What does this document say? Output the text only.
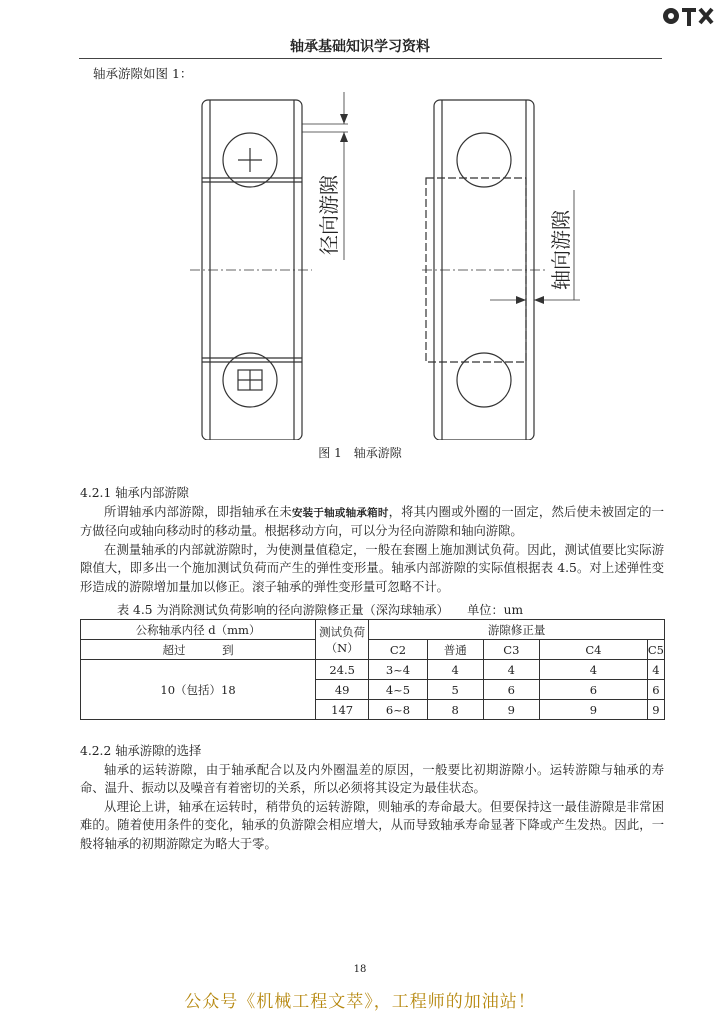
轴承基础知识学习资料
轴承游隙如图 1：
径向游隙	轴向游隙
图 1　轴承游隙

4.2.1 轴承内部游隙

所谓轴承内部游隙，即指轴承在未安装于轴或轴承箱时，将其内圈或外圈的一固定，然后使未被固定的一方做径向或轴向移动时的移动量。根据移动方向，可以分为径向游隙和轴向游隙。

在测量轴承的内部就游隙时，为使测量值稳定，一般在套圈上施加测试负荷。因此，测试值要比实际游隙值大，即多出一个施加测试负荷而产生的弹性变形量。轴承内部游隙的实际值根据表 4.5。对上述弹性变形造成的游隙增加量加以修正。滚子轴承的弹性变形量可忽略不计。

表 4.5 为消除测试负荷影响的径向游隙修正量（深沟球轴承）　　单位：um
公称轴承内径 d（mm）	测试负荷
（N）	游隙修正量				
超过 到		C2	普通	C3	C4	C5
10（包括）18	24.5	3~4	4	4	4	4
	49	4~5	5	6	6	6
	147	6~8	8	9	9	9

4.2.2 轴承游隙的选择

轴承的运转游隙，由于轴承配合以及内外圈温差的原因，一般要比初期游隙小。运转游隙与轴承的寿命、温升、振动以及噪音有着密切的关系，所以必须将其设定为最佳状态。

从理论上讲，轴承在运转时，稍带负的运转游隙，则轴承的寿命最大。但要保持这一最佳游隙是非常困难的。随着使用条件的变化，轴承的负游隙会相应增大，从而导致轴承寿命显著下降或产生发热。因此，一般将轴承的初期游隙定为略大于零。

18
公众号《机械工程文萃》，工程师的加油站！
